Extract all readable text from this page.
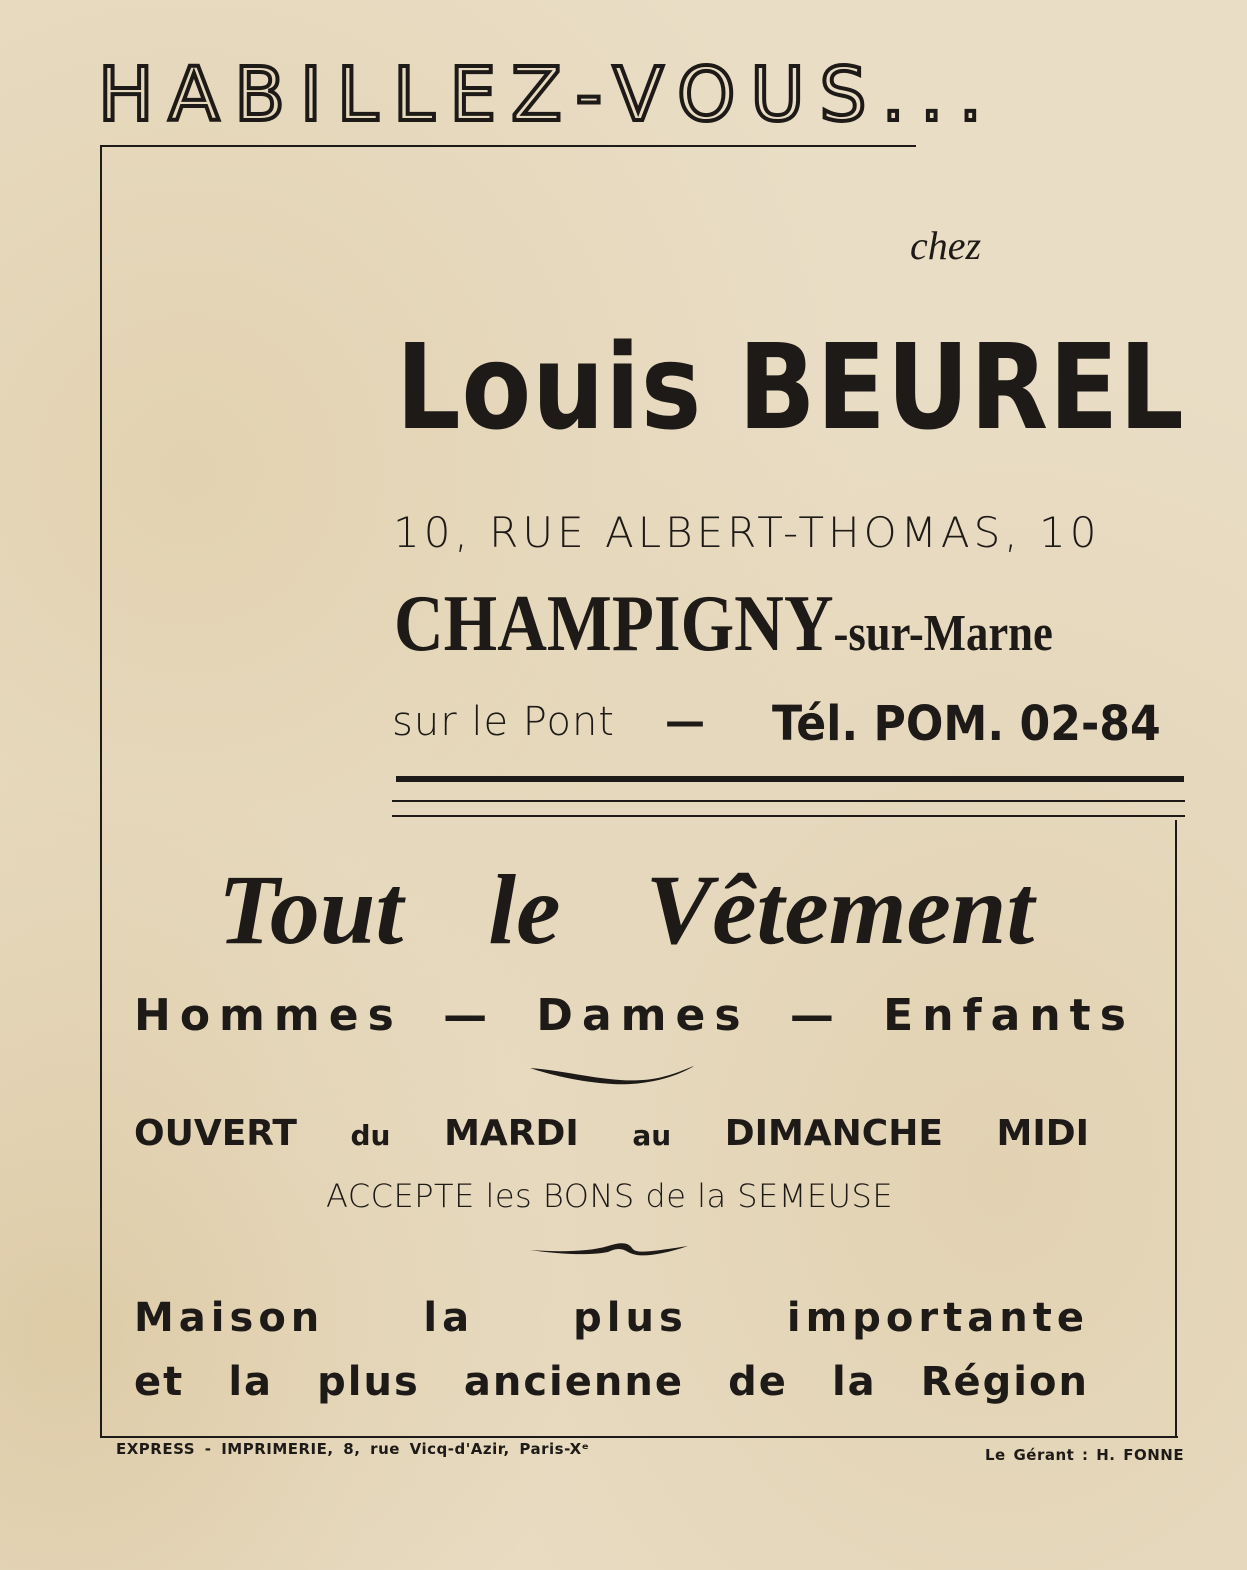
HABILLEZ-VOUS...
chez
Louis BEUREL
10, RUE ALBERT-THOMAS, 10
CHAMPIGNY-sur-Marne
sur le Pont —	Tél. POM. 02-84
Tout le Vêtement
Hommes — Dames — Enfants
OUVERT du MARDI au DIMANCHE MIDI
ACCEPTE les BONS de la SEMEUSE
Maison la plus importante
et la plus ancienne de la Région
EXPRESS - IMPRIMERIE, 8, rue Vicq-d'Azir, Paris-Xᵉ	Le Gérant : H. FONNE
